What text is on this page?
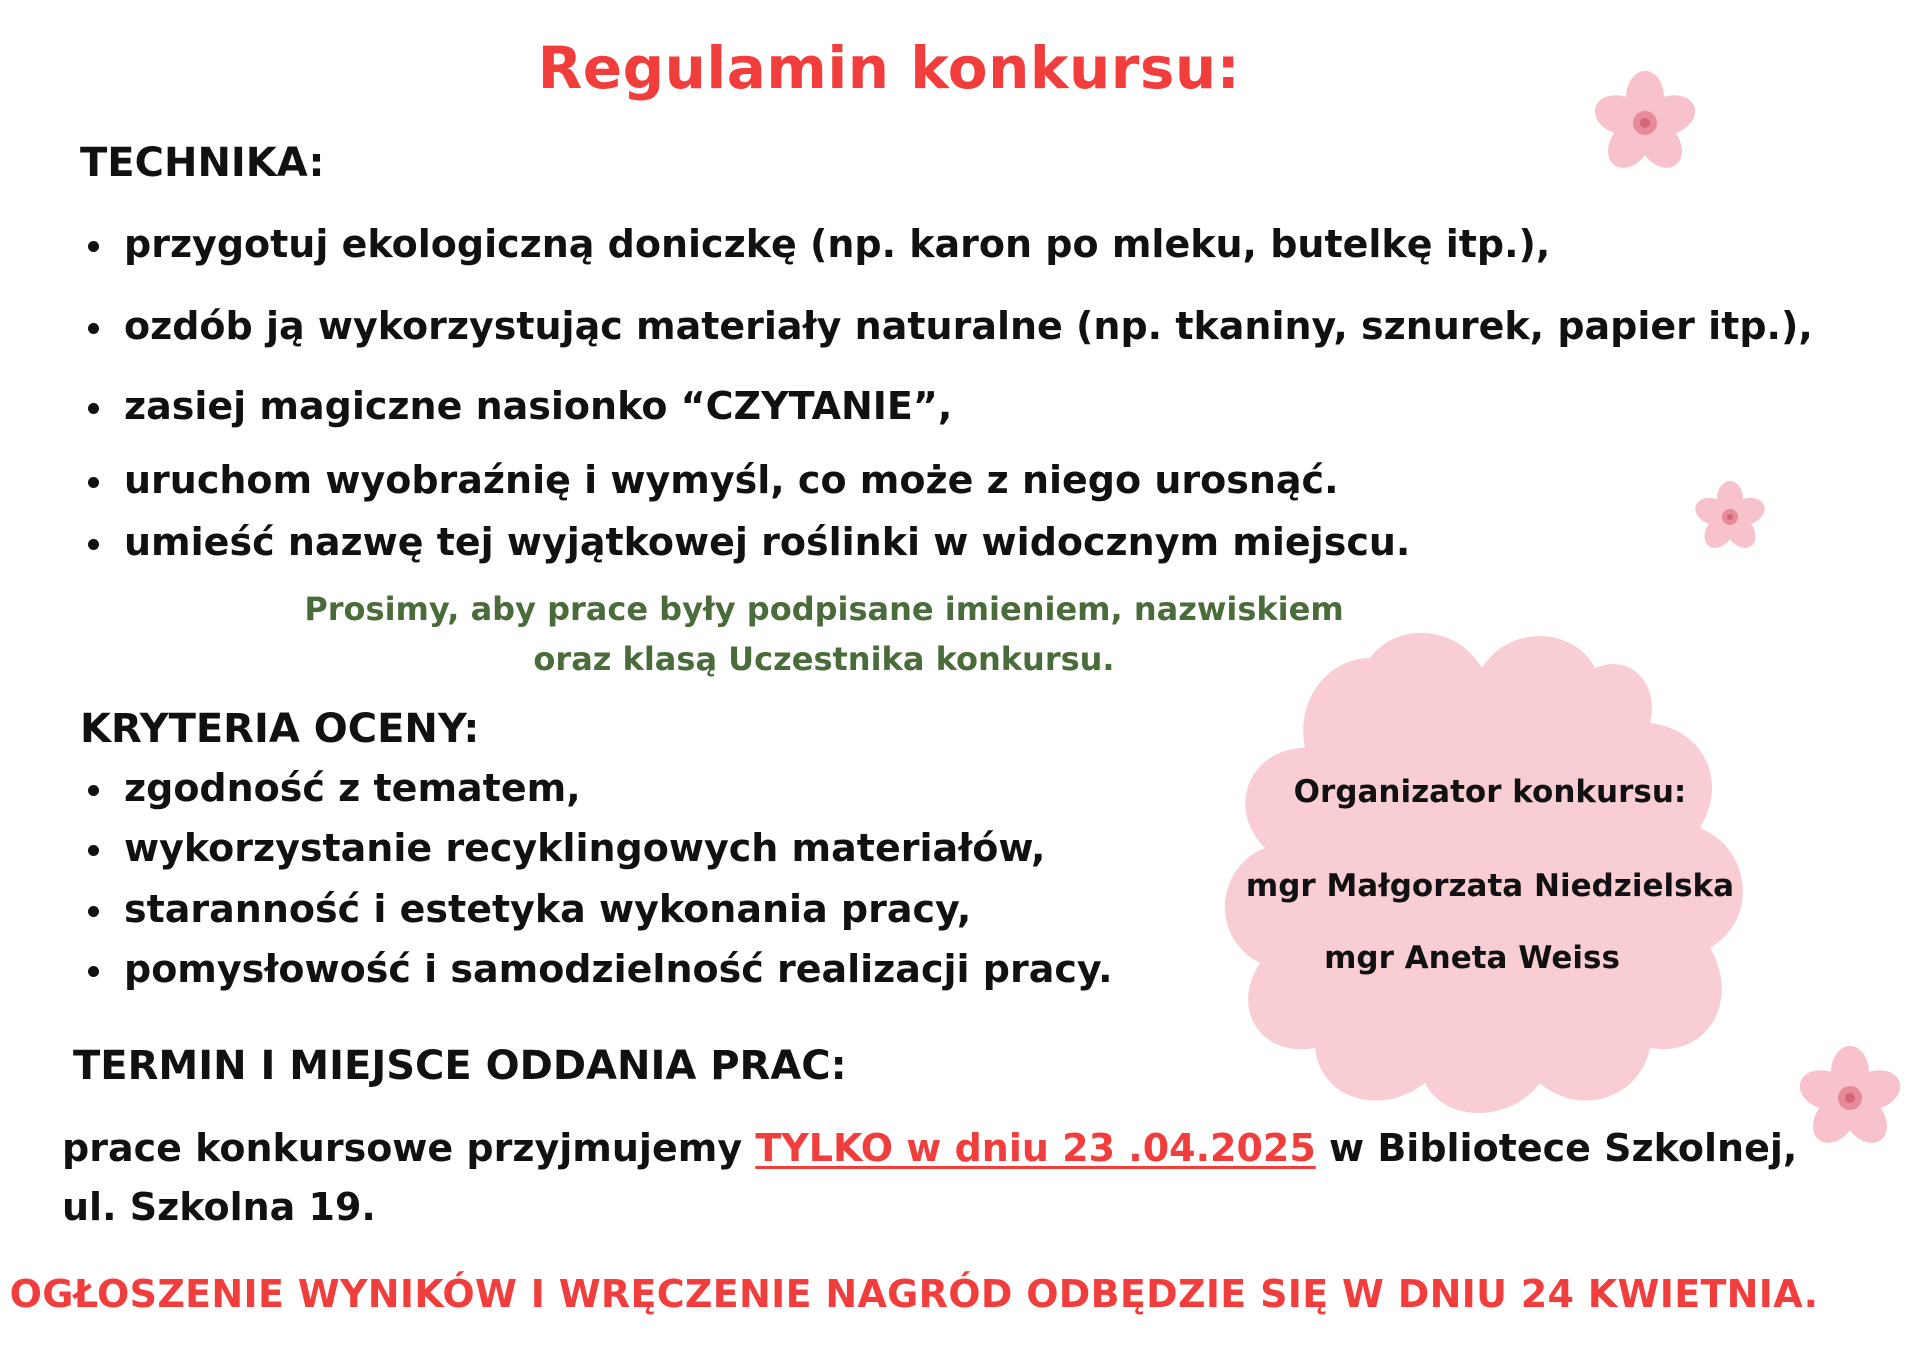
Regulamin konkursu:
TECHNIKA:
przygotuj ekologiczną doniczkę (np. karon po mleku, butelkę itp.),
ozdób ją wykorzystując materiały naturalne (np. tkaniny, sznurek, papier itp.),
zasiej magiczne nasionko “CZYTANIE”,
uruchom wyobraźnię i wymyśl, co może z niego urosnąć.
umieść nazwę tej wyjątkowej roślinki w widocznym miejscu.
Prosimy, aby prace były podpisane imieniem, nazwiskiem
oraz klasą Uczestnika konkursu.
KRYTERIA OCENY:
zgodność z tematem,
wykorzystanie recyklingowych materiałów,
staranność i estetyka wykonania pracy,
pomysłowość i samodzielność realizacji pracy.
Organizator konkursu:
mgr Małgorzata Niedzielska
mgr Aneta Weiss
TERMIN I MIEJSCE ODDANIA PRAC:
prace konkursowe przyjmujemy TYLKO w dniu 23 .04.2025 w Bibliotece Szkolnej,
ul. Szkolna 19.
OGŁOSZENIE WYNIKÓW I WRĘCZENIE NAGRÓD ODBĘDZIE SIĘ W DNIU 24 KWIETNIA.
